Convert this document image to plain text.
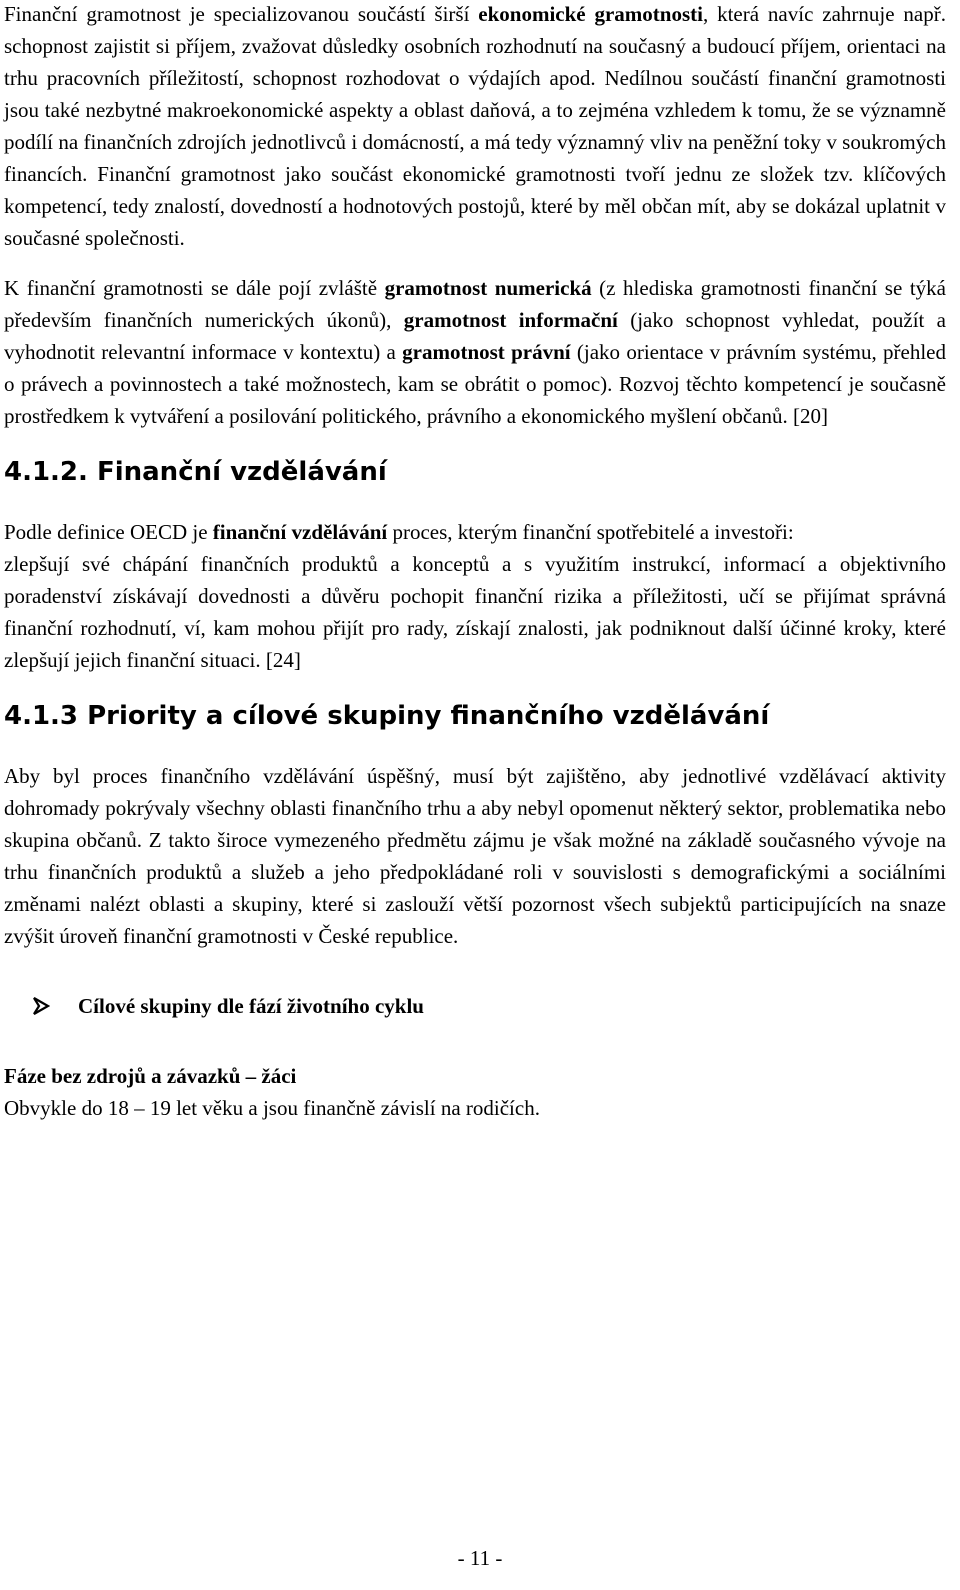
Finanční gramotnost je specializovanou součástí širší ekonomické gramotnosti, která navíc zahrnuje např. schopnost zajistit si příjem, zvažovat důsledky osobních rozhodnutí na současný a budoucí příjem, orientaci na trhu pracovních příležitostí, schopnost rozhodovat o výdajích apod. Nedílnou součástí finanční gramotnosti jsou také nezbytné makroekonomické aspekty a oblast daňová, a to zejména vzhledem k tomu, že se významně podílí na finančních zdrojích jednotlivců i domácností, a má tedy významný vliv na peněžní toky v soukromých financích. Finanční gramotnost jako součást ekonomické gramotnosti tvoří jednu ze složek tzv. klíčových kompetencí, tedy znalostí, dovedností a hodnotových postojů, které by měl občan mít, aby se dokázal uplatnit v současné společnosti.

K finanční gramotnosti se dále pojí zvláště gramotnost numerická (z hlediska gramotnosti finanční se týká především finančních numerických úkonů), gramotnost informační (jako schopnost vyhledat, použít a vyhodnotit relevantní informace v kontextu) a gramotnost právní (jako orientace v právním systému, přehled o právech a povinnostech a také možnostech, kam se obrátit o pomoc). Rozvoj těchto kompetencí je současně prostředkem k vytváření a posilování politického, právního a ekonomického myšlení občanů. [20]

4.1.2. Finanční vzdělávání

Podle definice OECD je finanční vzdělávání proces, kterým finanční spotřebitelé a investoři:

zlepšují své chápání finančních produktů a konceptů a s využitím instrukcí, informací a objektivního poradenství získávají dovednosti a důvěru pochopit finanční rizika a příležitosti, učí se přijímat správná finanční rozhodnutí, ví, kam mohou přijít pro rady, získají znalosti, jak podniknout další účinné kroky, které zlepšují jejich finanční situaci. [24]

4.1.3 Priority a cílové skupiny finančního vzdělávání

Aby byl proces finančního vzdělávání úspěšný, musí být zajištěno, aby jednotlivé vzdělávací aktivity dohromady pokrývaly všechny oblasti finančního trhu a aby nebyl opomenut některý sektor, problematika nebo skupina občanů. Z takto široce vymezeného předmětu zájmu je však možné na základě současného vývoje na trhu finančních produktů a služeb a jeho předpokládané roli v souvislosti s demografickými a sociálními změnami nalézt oblasti a skupiny, které si zaslouží větší pozornost všech subjektů participujících na snaze zvýšit úroveň finanční gramotnosti v České republice.

Cílové skupiny dle fází životního cyklu
Fáze bez zdrojů a závazků – žáci

Obvykle do 18 – 19 let věku a jsou finančně závislí na rodičích.

- 11 -
